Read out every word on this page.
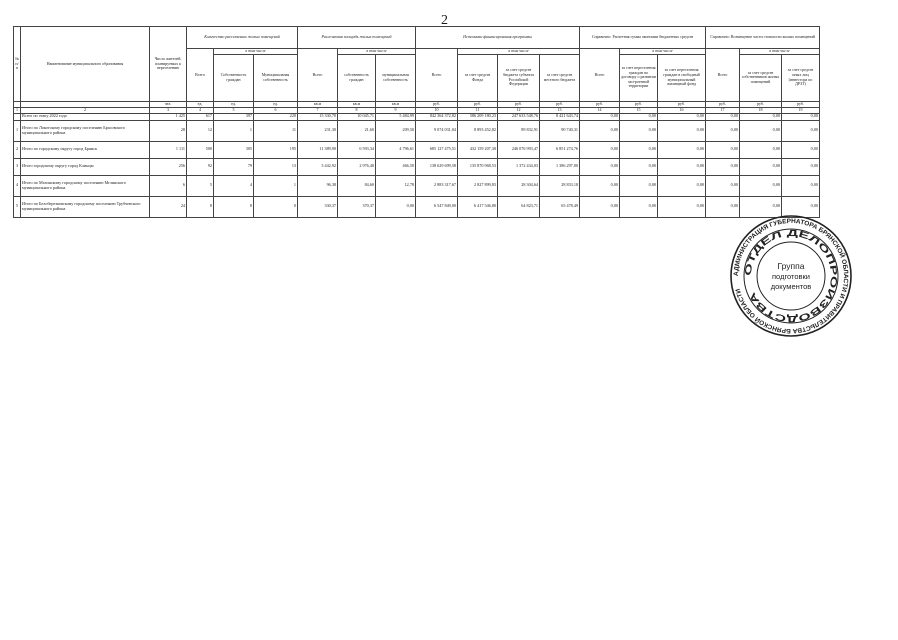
2
№ п/п	Наименование муниципального образования	Число жителей, планируемых к переселению	Количество расселяемых жилых помещений			Расселяемая площадь жилых помещений			Источники финансирования программы				Справочно: Расчетная сумма экономии бюджетных средств			Справочно: Возмещение части стоимости жилых помещений		
			Всего	в том числе		Всего	в том числе		Всего	в том числе			Всего	в том числе		Всего	в том числе	
				Собственность граждан	Муниципальная собственность		собственность граждан	муниципальная собственность		за счет средств Фонда	за счет средств бюджета субъекта Российской Федерации	за счет средств местного бюджета		за счет переселения граждан по договору о развитии застроенной территории	за счет переселения граждан в свободный муниципальный жилищный фонд		за счет средств собственников жилых помещений	за счет средств иных лиц (инвестора по ДРЗТ)
		чел.	ед.	ед.	ед.	кв.м	кв.м	кв.м	руб.	руб.	руб.	руб.	руб.	руб.	руб.	руб.	руб.	руб.
1	2	3	4	5	6	7	8	9	10	11	12	13	14	15	16	17	18	19
	Всего по этапу 2022 года	1 425	617	397	220	15 330,70	10 045,71	5 484,99	842 364 372,82	586 209 180,23	247 633 548,76	8 421 643,74	0,00	0,00	0,00	0,00	0,00	0,00
1	Итого по Локотскому городскому поселению Брасовского муниципального района	28	12	1	11	231,30	21,60	209,50	9 074 031,04	8 893 452,82	89 832,91	90 740,31	0,00	0,00	0,00	0,00	0,00	0,00
2	Итого по городскому округу город Брянск	1 111	500	305	195	11 389,90	6 593,34	4 796,61	685 127 475,51	432 159 207,30	246 076 993,47	6 851 274,76	0,00	0,00	0,00	0,00	0,00	0,00
3	Итого городскому округу город Клинцы	256	92	79	13	3 442,92	2 976,40	466,50	138 629 699,58	135 870 968,53	1 372 434,03	1 386 297,00	0,00	0,00	0,00	0,00	0,00	0,00
4	Итого по Мглинскому городскому поселению Мглинского муниципального района	6	5	4	1	96,38	84,60	12,78	2 883 317,67	2 827 899,83	28 304,64	28 833,18	0,00	0,00	0,00	0,00	0,00	0,00
5	Итого по Белоберезковскому городскому поселению Трубчевского муниципального района	24	8	8	0	330,37	370,37	0,00	6 547 849,00	6 417 546,80	64 823,71	65 478,49	0,00	0,00	0,00	0,00	0,00	0,00
АДМИНИСТРАЦИЯ ГУБЕРНАТОРА БРЯНСКОЙ ОБЛАСТИ И ПРАВИТЕЛЬСТВА БРЯНСКОЙ ОБЛАСТИ
ОТДЕЛ ДЕЛОПРОИЗВОДСТВА
Группа
подготовки
документов
